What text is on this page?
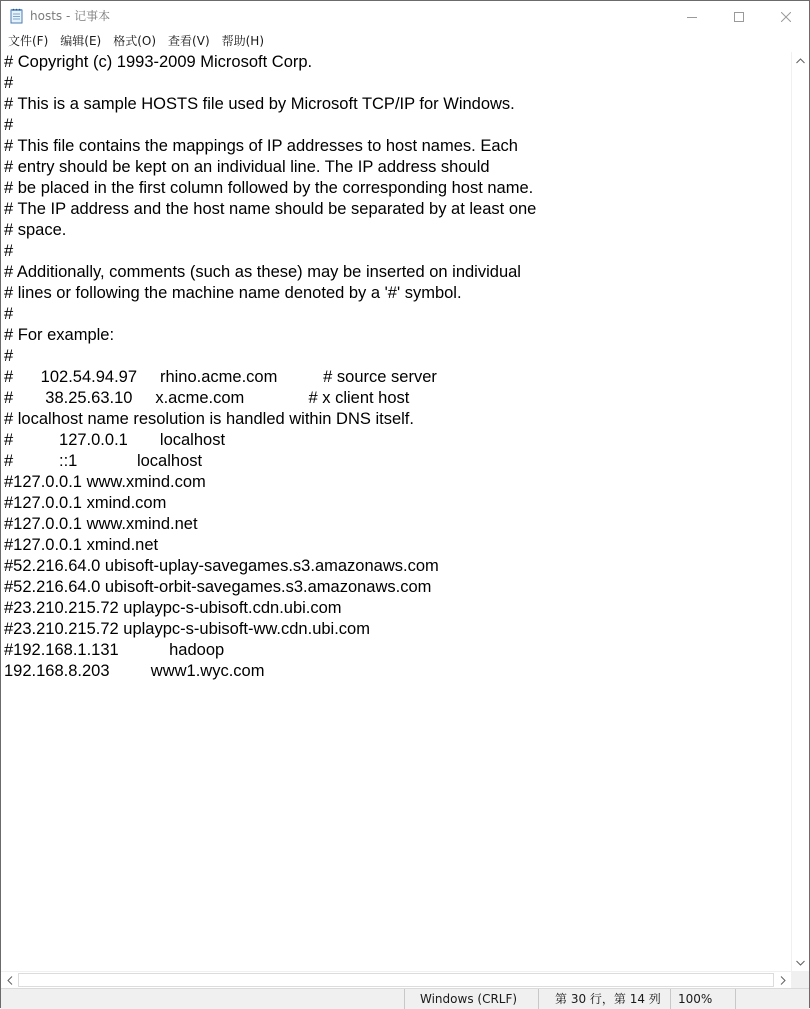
hosts - 记事本
文件(F)	编辑(E)	格式(O)	查看(V)	帮助(H)
# Copyright (c) 1993-2009 Microsoft Corp.
#
# This is a sample HOSTS file used by Microsoft TCP/IP for Windows.
#
# This file contains the mappings of IP addresses to host names. Each
# entry should be kept on an individual line. The IP address should
# be placed in the first column followed by the corresponding host name.
# The IP address and the host name should be separated by at least one
# space.
#
# Additionally, comments (such as these) may be inserted on individual
# lines or following the machine name denoted by a '#' symbol.
#
# For example:
#
#      102.54.94.97     rhino.acme.com          # source server
#       38.25.63.10     x.acme.com              # x client host
# localhost name resolution is handled within DNS itself.
#	127.0.0.1       localhost
#	::1             localhost
#127.0.0.1 www.xmind.com
#127.0.0.1 xmind.com
#127.0.0.1 www.xmind.net
#127.0.0.1 xmind.net
#52.216.64.0 ubisoft-uplay-savegames.s3.amazonaws.com
#52.216.64.0 ubisoft-orbit-savegames.s3.amazonaws.com
#23.210.215.72 uplaypc-s-ubisoft.cdn.ubi.com
#23.210.215.72 uplaypc-s-ubisoft-ww.cdn.ubi.com
#192.168.1.131           hadoop
192.168.8.203         www1.wyc.com
Windows (CRLF)	第 30 行，第 14 列 100%
